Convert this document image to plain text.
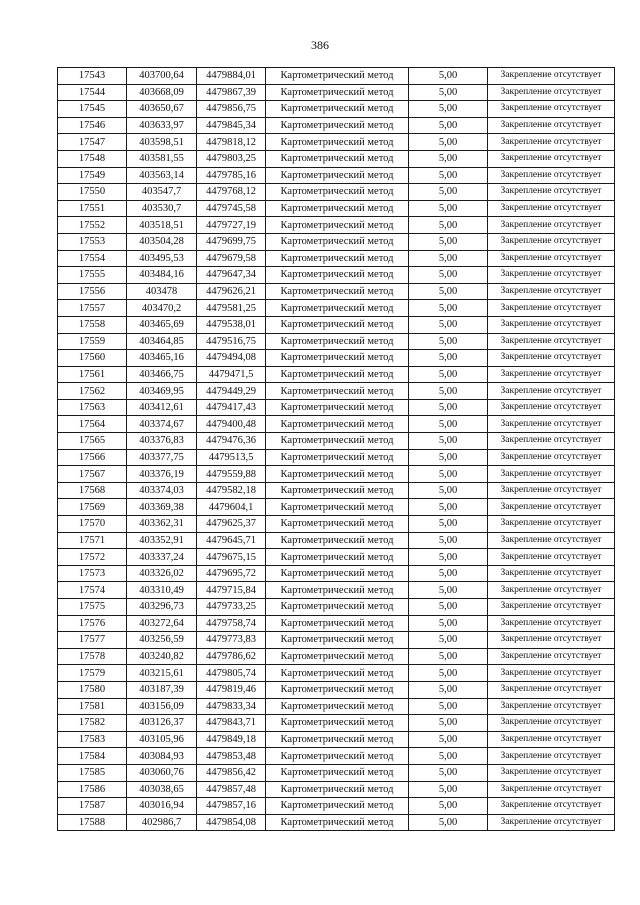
386
17543	403700,64	4479884,01	Картометрический метод	5,00	Закрепление отсутствует
17544	403668,09	4479867,39	Картометрический метод	5,00	Закрепление отсутствует
17545	403650,67	4479856,75	Картометрический метод	5,00	Закрепление отсутствует
17546	403633,97	4479845,34	Картометрический метод	5,00	Закрепление отсутствует
17547	403598,51	4479818,12	Картометрический метод	5,00	Закрепление отсутствует
17548	403581,55	4479803,25	Картометрический метод	5,00	Закрепление отсутствует
17549	403563,14	4479785,16	Картометрический метод	5,00	Закрепление отсутствует
17550	403547,7	4479768,12	Картометрический метод	5,00	Закрепление отсутствует
17551	403530,7	4479745,58	Картометрический метод	5,00	Закрепление отсутствует
17552	403518,51	4479727,19	Картометрический метод	5,00	Закрепление отсутствует
17553	403504,28	4479699,75	Картометрический метод	5,00	Закрепление отсутствует
17554	403495,53	4479679,58	Картометрический метод	5,00	Закрепление отсутствует
17555	403484,16	4479647,34	Картометрический метод	5,00	Закрепление отсутствует
17556	403478	4479626,21	Картометрический метод	5,00	Закрепление отсутствует
17557	403470,2	4479581,25	Картометрический метод	5,00	Закрепление отсутствует
17558	403465,69	4479538,01	Картометрический метод	5,00	Закрепление отсутствует
17559	403464,85	4479516,75	Картометрический метод	5,00	Закрепление отсутствует
17560	403465,16	4479494,08	Картометрический метод	5,00	Закрепление отсутствует
17561	403466,75	4479471,5	Картометрический метод	5,00	Закрепление отсутствует
17562	403469,95	4479449,29	Картометрический метод	5,00	Закрепление отсутствует
17563	403412,61	4479417,43	Картометрический метод	5,00	Закрепление отсутствует
17564	403374,67	4479400,48	Картометрический метод	5,00	Закрепление отсутствует
17565	403376,83	4479476,36	Картометрический метод	5,00	Закрепление отсутствует
17566	403377,75	4479513,5	Картометрический метод	5,00	Закрепление отсутствует
17567	403376,19	4479559,88	Картометрический метод	5,00	Закрепление отсутствует
17568	403374,03	4479582,18	Картометрический метод	5,00	Закрепление отсутствует
17569	403369,38	4479604,1	Картометрический метод	5,00	Закрепление отсутствует
17570	403362,31	4479625,37	Картометрический метод	5,00	Закрепление отсутствует
17571	403352,91	4479645,71	Картометрический метод	5,00	Закрепление отсутствует
17572	403337,24	4479675,15	Картометрический метод	5,00	Закрепление отсутствует
17573	403326,02	4479695,72	Картометрический метод	5,00	Закрепление отсутствует
17574	403310,49	4479715,84	Картометрический метод	5,00	Закрепление отсутствует
17575	403296,73	4479733,25	Картометрический метод	5,00	Закрепление отсутствует
17576	403272,64	4479758,74	Картометрический метод	5,00	Закрепление отсутствует
17577	403256,59	4479773,83	Картометрический метод	5,00	Закрепление отсутствует
17578	403240,82	4479786,62	Картометрический метод	5,00	Закрепление отсутствует
17579	403215,61	4479805,74	Картометрический метод	5,00	Закрепление отсутствует
17580	403187,39	4479819,46	Картометрический метод	5,00	Закрепление отсутствует
17581	403156,09	4479833,34	Картометрический метод	5,00	Закрепление отсутствует
17582	403126,37	4479843,71	Картометрический метод	5,00	Закрепление отсутствует
17583	403105,96	4479849,18	Картометрический метод	5,00	Закрепление отсутствует
17584	403084,93	4479853,48	Картометрический метод	5,00	Закрепление отсутствует
17585	403060,76	4479856,42	Картометрический метод	5,00	Закрепление отсутствует
17586	403038,65	4479857,48	Картометрический метод	5,00	Закрепление отсутствует
17587	403016,94	4479857,16	Картометрический метод	5,00	Закрепление отсутствует
17588	402986,7	4479854,08	Картометрический метод	5,00	Закрепление отсутствует
